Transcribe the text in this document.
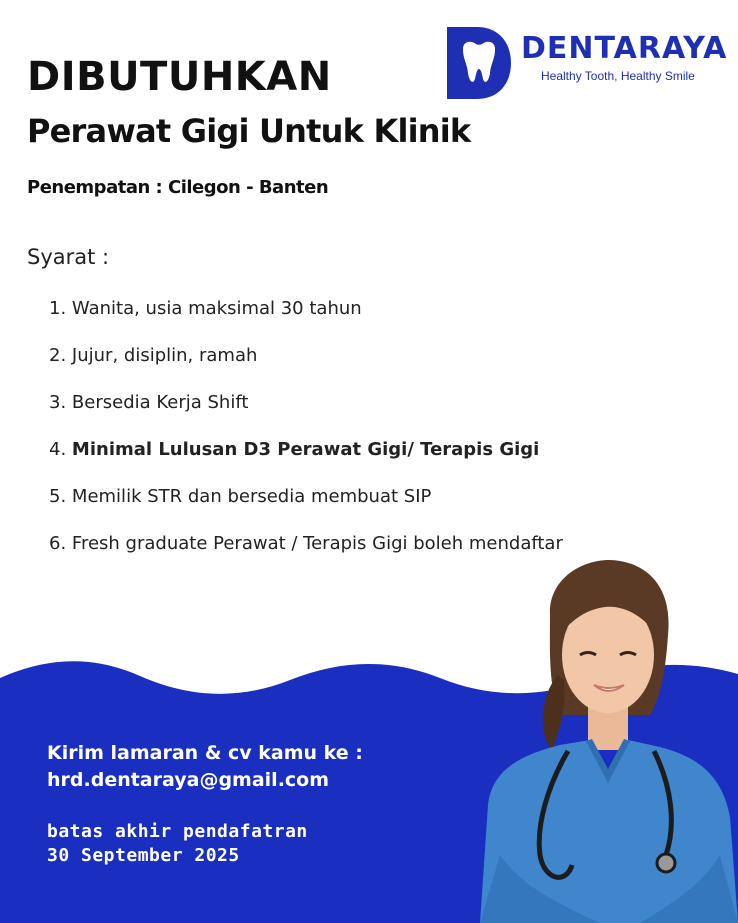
DENTARAYA
Healthy Tooth, Healthy Smile
DIBUTUHKAN
Perawat Gigi Untuk Klinik
Penempatan : Cilegon - Banten
Syarat :
1. Wanita, usia maksimal 30 tahun
2. Jujur, disiplin, ramah
3. Bersedia Kerja Shift
4. Minimal Lulusan D3 Perawat Gigi/ Terapis Gigi
5. Memilik STR dan bersedia membuat SIP
6. Fresh graduate Perawat / Terapis Gigi boleh mendaftar
Kirim lamaran & cv kamu ke :
hrd.dentaraya@gmail.com
batas akhir pendafatran
30 September 2025
